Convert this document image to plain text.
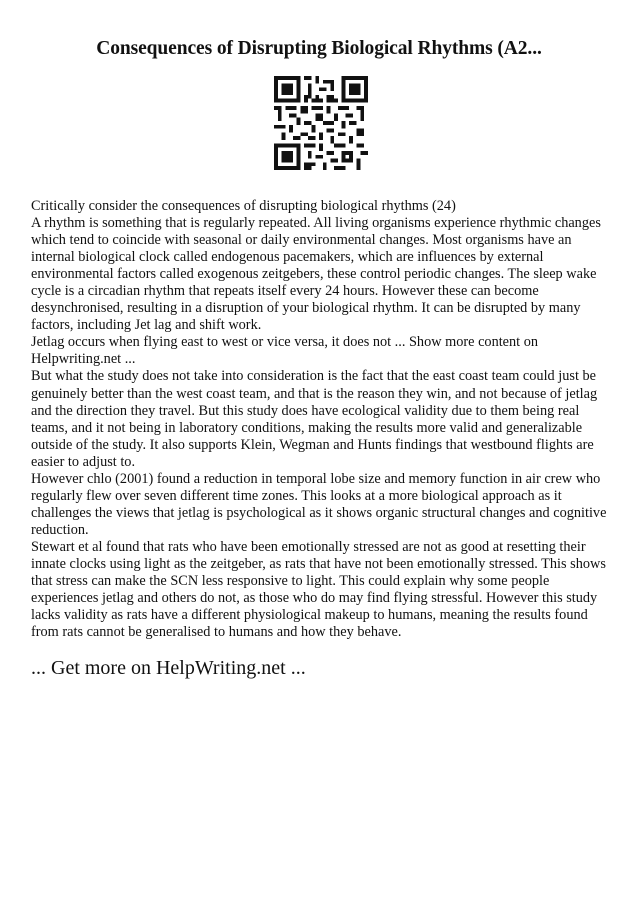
Consequences of Disrupting Biological Rhythms (A2...

Critically consider the consequences of disrupting biological rhythms (24)

A rhythm is something that is regularly repeated. All living organisms experience rhythmic changes which tend to coincide with seasonal or daily environmental changes. Most organisms have an internal biological clock called endogenous pacemakers, which are influences by external environmental factors called exogenous zeitgebers, these control periodic changes. The sleep wake cycle is a circadian rhythm that repeats itself every 24 hours. However these can become desynchronised, resulting in a disruption of your biological rhythm. It can be disrupted by many factors, including Jet lag and shift work.

Jetlag occurs when flying east to west or vice versa, it does not ... Show more content on Helpwriting.net ...

But what the study does not take into consideration is the fact that the east coast team could just be genuinely better than the west coast team, and that is the reason they win, and not because of jetlag and the direction they travel. But this study does have ecological validity due to them being real teams, and it not being in laboratory conditions, making the results more valid and generalizable outside of the study. It also supports Klein, Wegman and Hunts findings that westbound flights are easier to adjust to.

However chlo (2001) found a reduction in temporal lobe size and memory function in air crew who regularly flew over seven different time zones. This looks at a more biological approach as it challenges the views that jetlag is psychological as it shows organic structural changes and cognitive reduction.

Stewart et al found that rats who have been emotionally stressed are not as good at resetting their innate clocks using light as the zeitgeber, as rats that have not been emotionally stressed. This shows that stress can make the SCN less responsive to light. This could explain why some people experiences jetlag and others do not, as those who do may find flying stressful. However this study lacks validity as rats have a different physiological makeup to humans, meaning the results found from rats cannot be generalised to humans and how they behave.

... Get more on HelpWriting.net ...
